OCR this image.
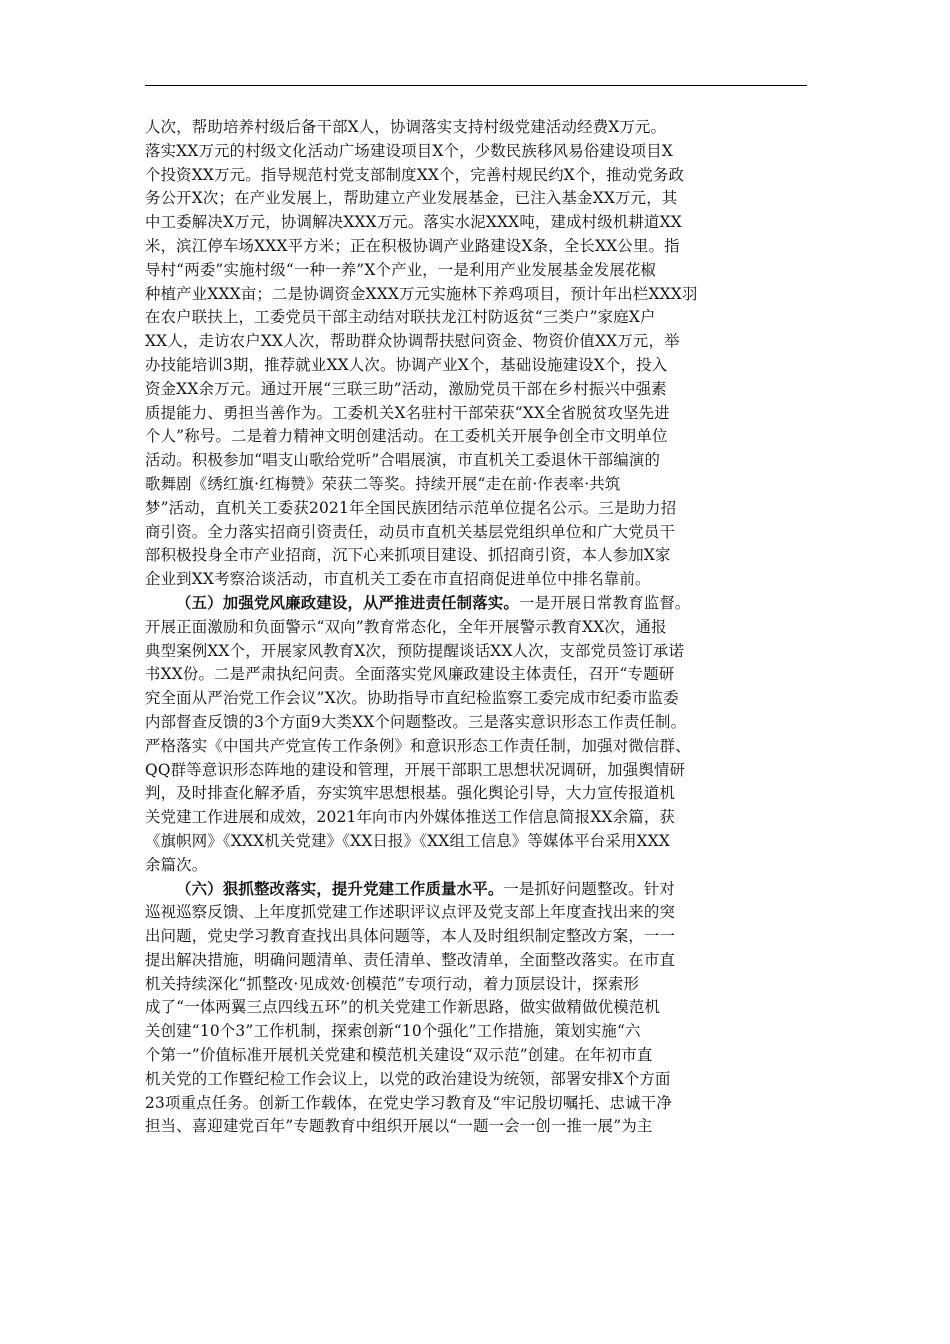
人次，帮助培养村级后备干部X人，协调落实支持村级党建活动经费X万元。
落实XX万元的村级文化活动广场建设项目X个，少数民族移风易俗建设项目X
个投资XX万元。指导规范村党支部制度XX个，完善村规民约X个，推动党务政
务公开X次；在产业发展上，帮助建立产业发展基金，已注入基金XX万元，其
中工委解决X万元，协调解决XXX万元。落实水泥XXX吨，建成村级机耕道XX
米，滨江停车场XXX平方米；正在积极协调产业路建设X条，全长XX公里。指
导村“两委”实施村级“一种一养”X个产业，一是利用产业发展基金发展花椒
种植产业XXX亩；二是协调资金XXX万元实施林下养鸡项目，预计年出栏XXX羽
在农户联扶上，工委党员干部主动结对联扶龙江村防返贫“三类户”家庭X户
XX人，走访农户XX人次，帮助群众协调帮扶慰问资金、物资价值XX万元，举
办技能培训3期，推荐就业XX人次。协调产业X个，基础设施建设X个，投入
资金XX余万元。通过开展“三联三助”活动，激励党员干部在乡村振兴中强素
质提能力、勇担当善作为。工委机关X名驻村干部荣获“XX全省脱贫攻坚先进
个人”称号。二是着力精神文明创建活动。在工委机关开展争创全市文明单位
活动。积极参加“唱支山歌给党听”合唱展演，市直机关工委退休干部编演的
歌舞剧《绣红旗·红梅赞》荣获二等奖。持续开展“走在前·作表率·共筑
梦”活动，直机关工委获2021年全国民族团结示范单位提名公示。三是助力招
商引资。全力落实招商引资责任，动员市直机关基层党组织单位和广大党员干
部积极投身全市产业招商，沉下心来抓项目建设、抓招商引资，本人参加X家
企业到XX考察洽谈活动，市直机关工委在市直招商促进单位中排名靠前。
（五）加强党风廉政建设，从严推进责任制落实。一是开展日常教育监督。
开展正面激励和负面警示“双向”教育常态化，全年开展警示教育XX次，通报
典型案例XX个，开展家风教育X次，预防提醒谈话XX人次，支部党员签订承诺
书XX份。二是严肃执纪问责。全面落实党风廉政建设主体责任，召开“专题研
究全面从严治党工作会议”X次。协助指导市直纪检监察工委完成市纪委市监委
内部督查反馈的3个方面9大类XX个问题整改。三是落实意识形态工作责任制。
严格落实《中国共产党宣传工作条例》和意识形态工作责任制，加强对微信群、
QQ群等意识形态阵地的建设和管理，开展干部职工思想状况调研，加强舆情研
判，及时排查化解矛盾，夯实筑牢思想根基。强化舆论引导，大力宣传报道机
关党建工作进展和成效，2021年向市内外媒体推送工作信息简报XX余篇，获
《旗帜网》《XXX机关党建》《XX日报》《XX组工信息》等媒体平台采用XXX
余篇次。
（六）狠抓整改落实，提升党建工作质量水平。一是抓好问题整改。针对
巡视巡察反馈、上年度抓党建工作述职评议点评及党支部上年度查找出来的突
出问题，党史学习教育查找出具体问题等，本人及时组织制定整改方案，一一
提出解决措施，明确问题清单、责任清单、整改清单，全面整改落实。在市直
机关持续深化“抓整改·见成效·创模范”专项行动，着力顶层设计，探索形
成了“一体两翼三点四线五环”的机关党建工作新思路，做实做精做优模范机
关创建“10个3”工作机制，探索创新“10个强化”工作措施，策划实施“六
个第一”价值标准开展机关党建和模范机关建设“双示范”创建。在年初市直
机关党的工作暨纪检工作会议上，以党的政治建设为统领，部署安排X个方面
23项重点任务。创新工作载体，在党史学习教育及“牢记殷切嘱托、忠诚干净
担当、喜迎建党百年”专题教育中组织开展以“一题一会一创一推一展”为主
